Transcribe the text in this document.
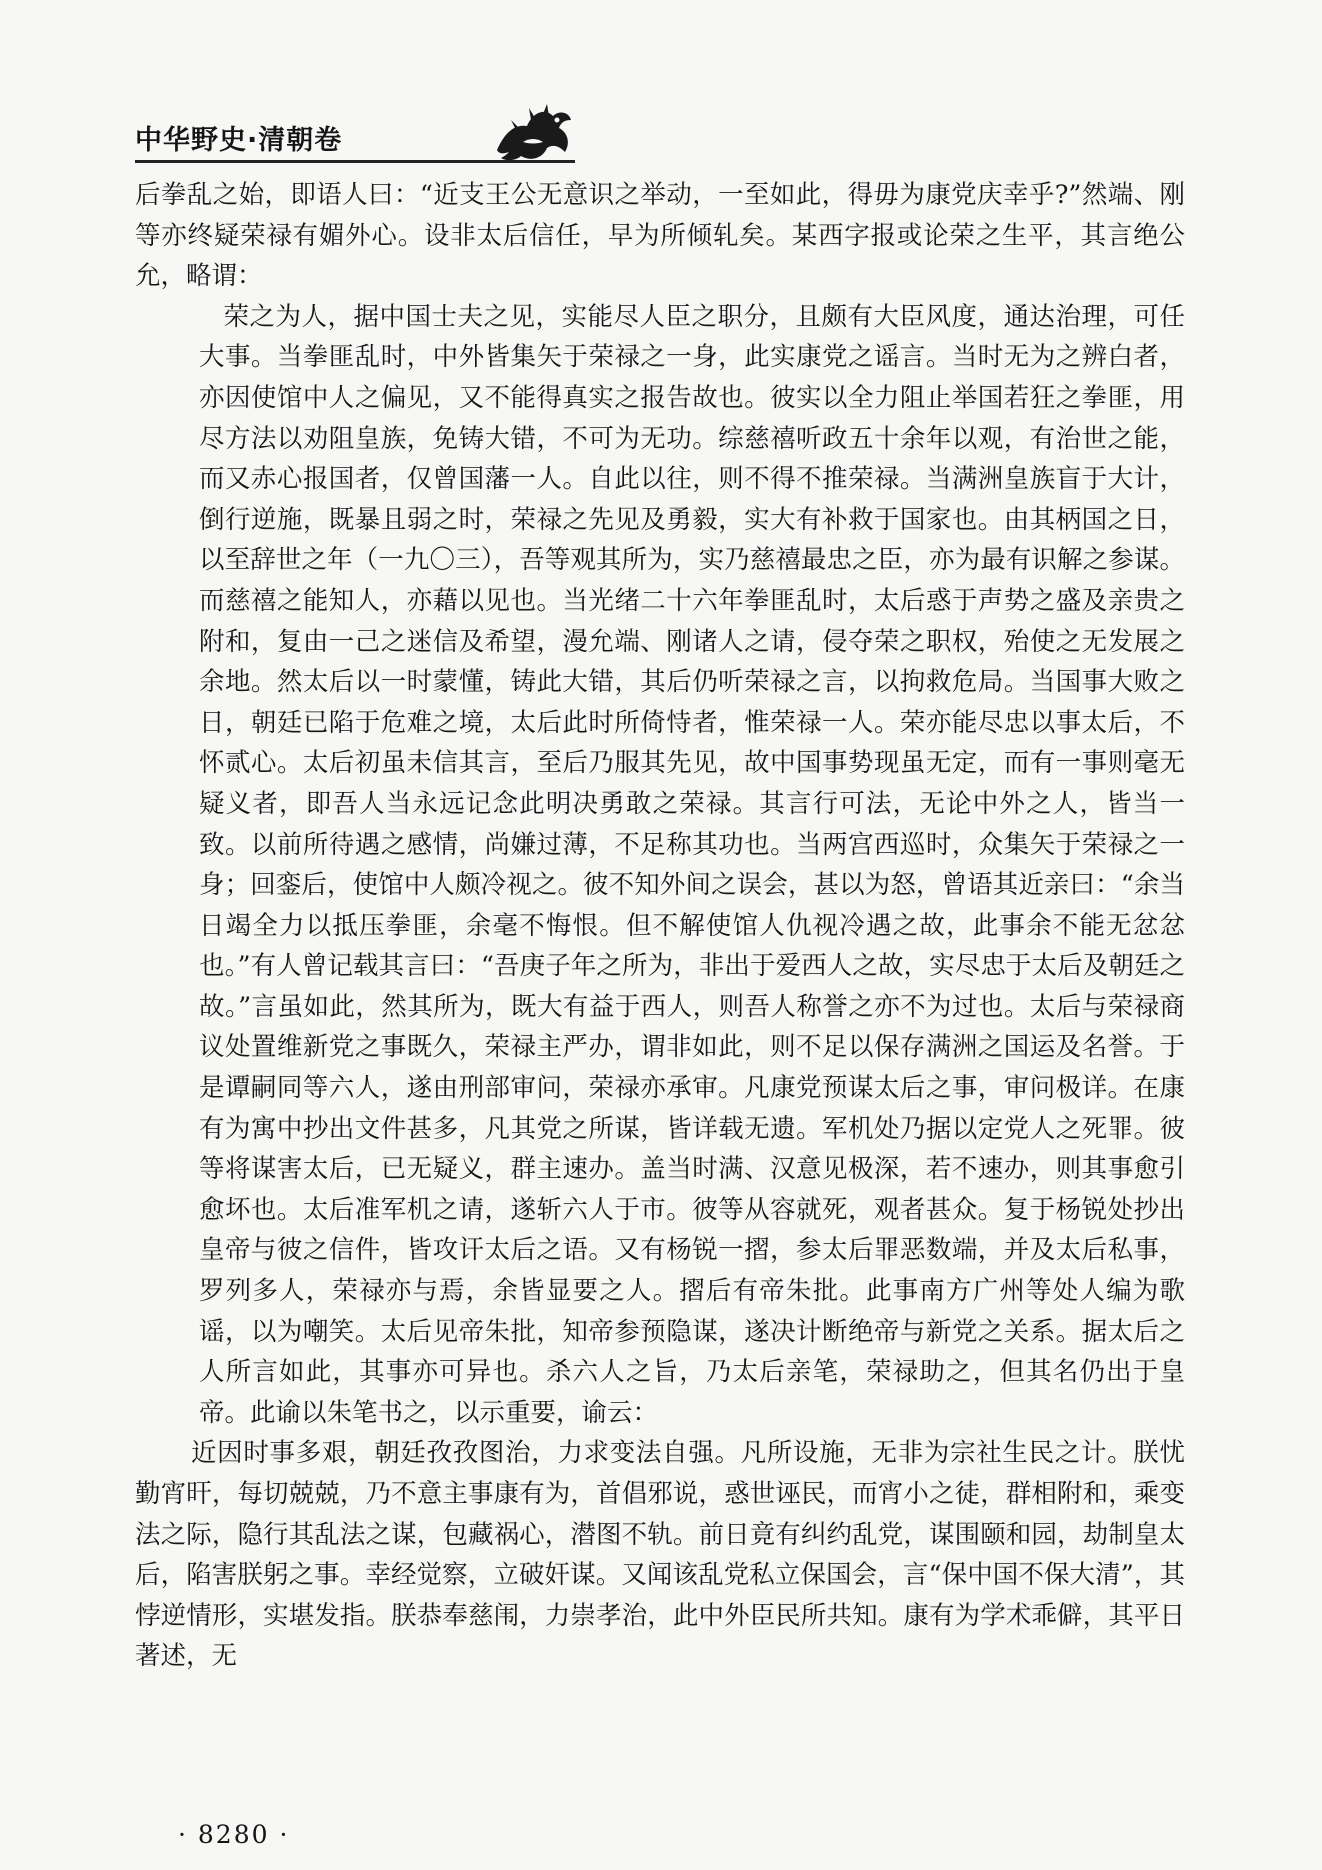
中华野史·清朝卷

后拳乱之始，即语人曰：“近支王公无意识之举动，一至如此，得毋为康党庆幸乎?”然端、刚等亦终疑荣禄有媚外心。设非太后信任，早为所倾轧矣。某西字报或论荣之生平，其言绝公允，略谓：

荣之为人，据中国士夫之见，实能尽人臣之职分，且颇有大臣风度，通达治理，可任大事。当拳匪乱时，中外皆集矢于荣禄之一身，此实康党之谣言。当时无为之辨白者，亦因使馆中人之偏见，又不能得真实之报告故也。彼实以全力阻止举国若狂之拳匪，用尽方法以劝阻皇族，免铸大错，不可为无功。综慈禧听政五十余年以观，有治世之能，而又赤心报国者，仅曾国藩一人。自此以往，则不得不推荣禄。当满洲皇族盲于大计，倒行逆施，既暴且弱之时，荣禄之先见及勇毅，实大有补救于国家也。由其柄国之日，以至辞世之年（一九〇三），吾等观其所为，实乃慈禧最忠之臣，亦为最有识解之参谋。而慈禧之能知人，亦藉以见也。当光绪二十六年拳匪乱时，太后惑于声势之盛及亲贵之附和，复由一己之迷信及希望，漫允端、刚诸人之请，侵夺荣之职权，殆使之无发展之余地。然太后以一时蒙懂，铸此大错，其后仍听荣禄之言，以拘救危局。当国事大败之日，朝廷已陷于危难之境，太后此时所倚恃者，惟荣禄一人。荣亦能尽忠以事太后，不怀贰心。太后初虽未信其言，至后乃服其先见，故中国事势现虽无定，而有一事则毫无疑义者，即吾人当永远记念此明决勇敢之荣禄。其言行可法，无论中外之人，皆当一致。以前所待遇之感情，尚嫌过薄，不足称其功也。当两宫西巡时，众集矢于荣禄之一身；回銮后，使馆中人颇冷视之。彼不知外间之误会，甚以为怒，曾语其近亲曰：“余当日竭全力以抵压拳匪，余毫不悔恨。但不解使馆人仇视冷遇之故，此事余不能无忿忿也。”有人曾记载其言曰：“吾庚子年之所为，非出于爱西人之故，实尽忠于太后及朝廷之故。”言虽如此，然其所为，既大有益于西人，则吾人称誉之亦不为过也。太后与荣禄商议处置维新党之事既久，荣禄主严办，谓非如此，则不足以保存满洲之国运及名誉。于是谭嗣同等六人，遂由刑部审问，荣禄亦承审。凡康党预谋太后之事，审问极详。在康有为寓中抄出文件甚多，凡其党之所谋，皆详载无遗。军机处乃据以定党人之死罪。彼等将谋害太后，已无疑义，群主速办。盖当时满、汉意见极深，若不速办，则其事愈引愈坏也。太后准军机之请，遂斩六人于市。彼等从容就死，观者甚众。复于杨锐处抄出皇帝与彼之信件，皆攻讦太后之语。又有杨锐一摺，参太后罪恶数端，并及太后私事，罗列多人，荣禄亦与焉，余皆显要之人。摺后有帝朱批。此事南方广州等处人编为歌谣，以为嘲笑。太后见帝朱批，知帝参预隐谋，遂决计断绝帝与新党之关系。据太后之人所言如此，其事亦可异也。杀六人之旨，乃太后亲笔，荣禄助之，但其名仍出于皇帝。此谕以朱笔书之，以示重要，谕云：

近因时事多艰，朝廷孜孜图治，力求变法自强。凡所设施，无非为宗社生民之计。朕忧勤宵旰，每切兢兢，乃不意主事康有为，首倡邪说，惑世诬民，而宵小之徒，群相附和，乘变法之际，隐行其乱法之谋，包藏祸心，潜图不轨。前日竟有纠约乱党，谋围颐和园，劫制皇太后，陷害朕躬之事。幸经觉察，立破奸谋。又闻该乱党私立保国会，言“保中国不保大清”，其悖逆情形，实堪发指。朕恭奉慈闱，力崇孝治，此中外臣民所共知。康有为学术乖僻，其平日著述，无

· 8280 ·
